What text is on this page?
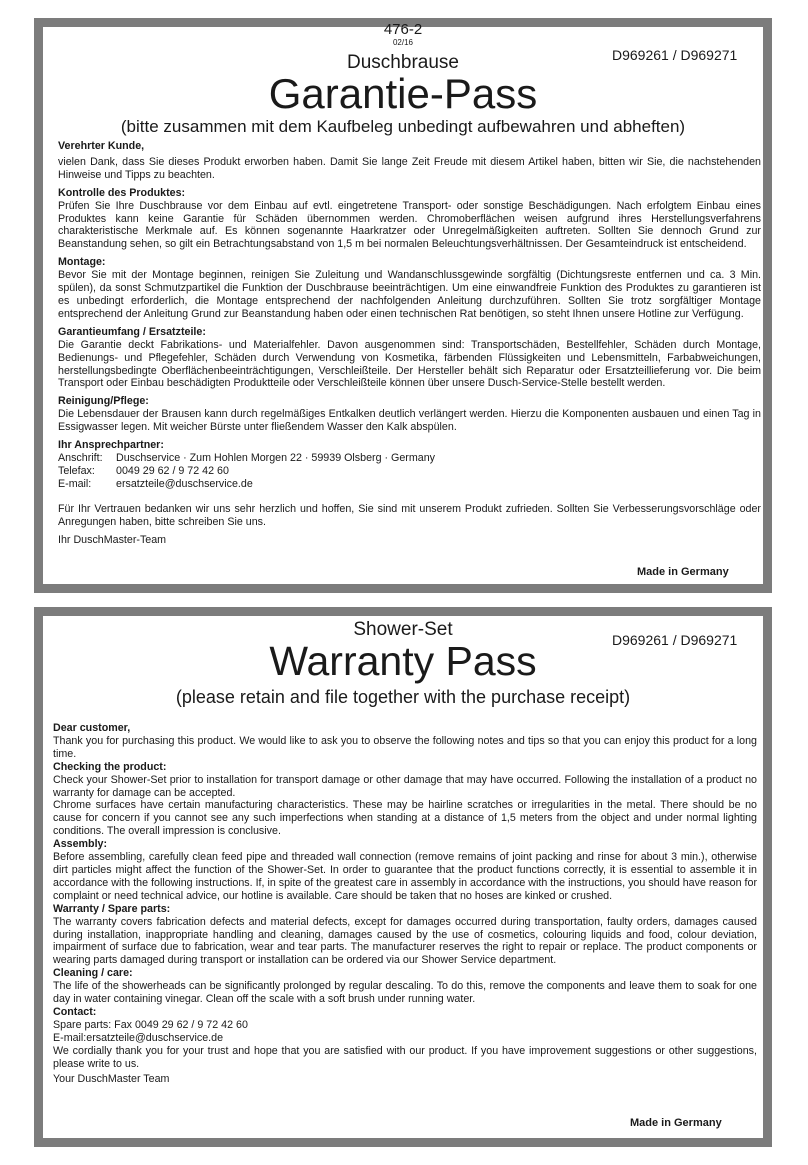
476-2
02/16
D969261 / D969271
Duschbrause
Garantie-Pass
(bitte zusammen mit dem Kaufbeleg unbedingt aufbewahren und abheften)

Verehrter Kunde,

vielen Dank, dass Sie dieses Produkt erworben haben. Damit Sie lange Zeit Freude mit diesem Artikel haben, bitten wir Sie, die nachstehenden Hinweise und Tipps zu beachten.

Kontrolle des Produktes:

Prüfen Sie Ihre Duschbrause vor dem Einbau auf evtl. eingetretene Transport- oder sonstige Beschädigungen. Nach erfolgtem Einbau eines Produktes kann keine Garantie für Schäden übernommen werden. Chromoberflächen weisen aufgrund ihres Herstellungsverfahrens charakteristische Merkmale auf. Es können sogenannte Haarkratzer oder Unregelmäßigkeiten auftreten. Sollten Sie dennoch Grund zur Beanstandung sehen, so gilt ein Betrachtungsabstand von 1,5 m bei normalen Beleuchtungsverhältnissen. Der Gesamteindruck ist entscheidend.

Montage:

Bevor Sie mit der Montage beginnen, reinigen Sie Zuleitung und Wandanschlussgewinde sorgfältig (Dichtungsreste entfernen und ca. 3 Min. spülen), da sonst Schmutzpartikel die Funktion der Duschbrause beeinträchtigen. Um eine einwandfreie Funktion des Produktes zu garantieren ist es unbedingt erforderlich, die Montage entsprechend der nachfolgenden Anleitung durchzuführen. Sollten Sie trotz sorgfältiger Montage entsprechend der Anleitung Grund zur Beanstandung haben oder einen technischen Rat benötigen, so steht Ihnen unsere Hotline zur Verfügung.

Garantieumfang / Ersatzteile:

Die Garantie deckt Fabrikations- und Materialfehler. Davon ausgenommen sind: Transportschäden, Bestellfehler, Schäden durch Montage, Bedienungs- und Pflegefehler, Schäden durch Verwendung von Kosmetika, färbenden Flüssigkeiten und Lebensmitteln, Farbabweichungen, herstellungsbedingte Oberflächenbeeinträchtigungen, Verschleißteile. Der Hersteller behält sich Reparatur oder Ersatzteillieferung vor. Die beim Transport oder Einbau beschädigten Produktteile oder Verschleißteile können über unsere Dusch-Service-Stelle bestellt werden.

Reinigung/Pflege:

Die Lebensdauer der Brausen kann durch regelmäßiges Entkalken deutlich verlängert werden. Hierzu die Komponenten ausbauen und einen Tag in Essigwasser legen. Mit weicher Bürste unter fließendem Wasser den Kalk abspülen.

Ihr Ansprechpartner:

Anschrift:	Duschservice · Zum Hohlen Morgen 22 · 59939 Olsberg · Germany
Telefax:	0049 29 62 / 9 72 42 60
E-mail:	ersatzteile@duschservice.de

Für Ihr Vertrauen bedanken wir uns sehr herzlich und hoffen, Sie sind mit unserem Produkt zufrieden. Sollten Sie Verbesserungsvorschläge oder Anregungen haben, bitte schreiben Sie uns.

Ihr DuschMaster-Team

Made in Germany
Shower-Set	D969261 / D969271
Warranty Pass
(please retain and file together with the purchase receipt)

Dear customer,

Thank you for purchasing this product. We would like to ask you to observe the following notes and tips so that you can enjoy this product for a long time.

Checking the product:

Check your Shower-Set prior to installation for transport damage or other damage that may have occurred. Following the installation of a product no warranty for damage can be accepted.

Chrome surfaces have certain manufacturing characteristics. These may be hairline scratches or irregularities in the metal. There should be no cause for concern if you cannot see any such imperfections when standing at a distance of 1,5 meters from the object and under normal lighting conditions. The overall impression is conclusive.

Assembly:

Before assembling, carefully clean feed pipe and threaded wall connection (remove remains of joint packing and rinse for about 3 min.), otherwise dirt particles might affect the function of the Shower-Set. In order to guarantee that the product functions correctly, it is essential to assemble it in accordance with the following instructions. If, in spite of the greatest care in assembly in accordance with the instructions, you should have reason for complaint or need technical advice, our hotline is available. Care should be taken that no hoses are kinked or crushed.

Warranty / Spare parts:

The warranty covers fabrication defects and material defects, except for damages occurred during transportation, faulty orders, damages caused during installation, inappropriate handling and cleaning, damages caused by the use of cosmetics, colouring liquids and food, colour deviation, impairment of surface due to fabrication, wear and tear parts. The manufacturer reserves the right to repair or replace. The product components or wearing parts damaged during transport or installation can be ordered via our Shower Service department.

Cleaning / care:

The life of the showerheads can be significantly prolonged by regular descaling. To do this, remove the components and leave them to soak for one day in water containing vinegar. Clean off the scale with a soft brush under running water.

Contact:

Spare parts: Fax 0049 29 62 / 9 72 42 60

E-mail:ersatzteile@duschservice.de

We cordially thank you for your trust and hope that you are satisfied with our product. If you have improvement suggestions or other suggestions, please write to us.

Your DuschMaster Team

Made in Germany
